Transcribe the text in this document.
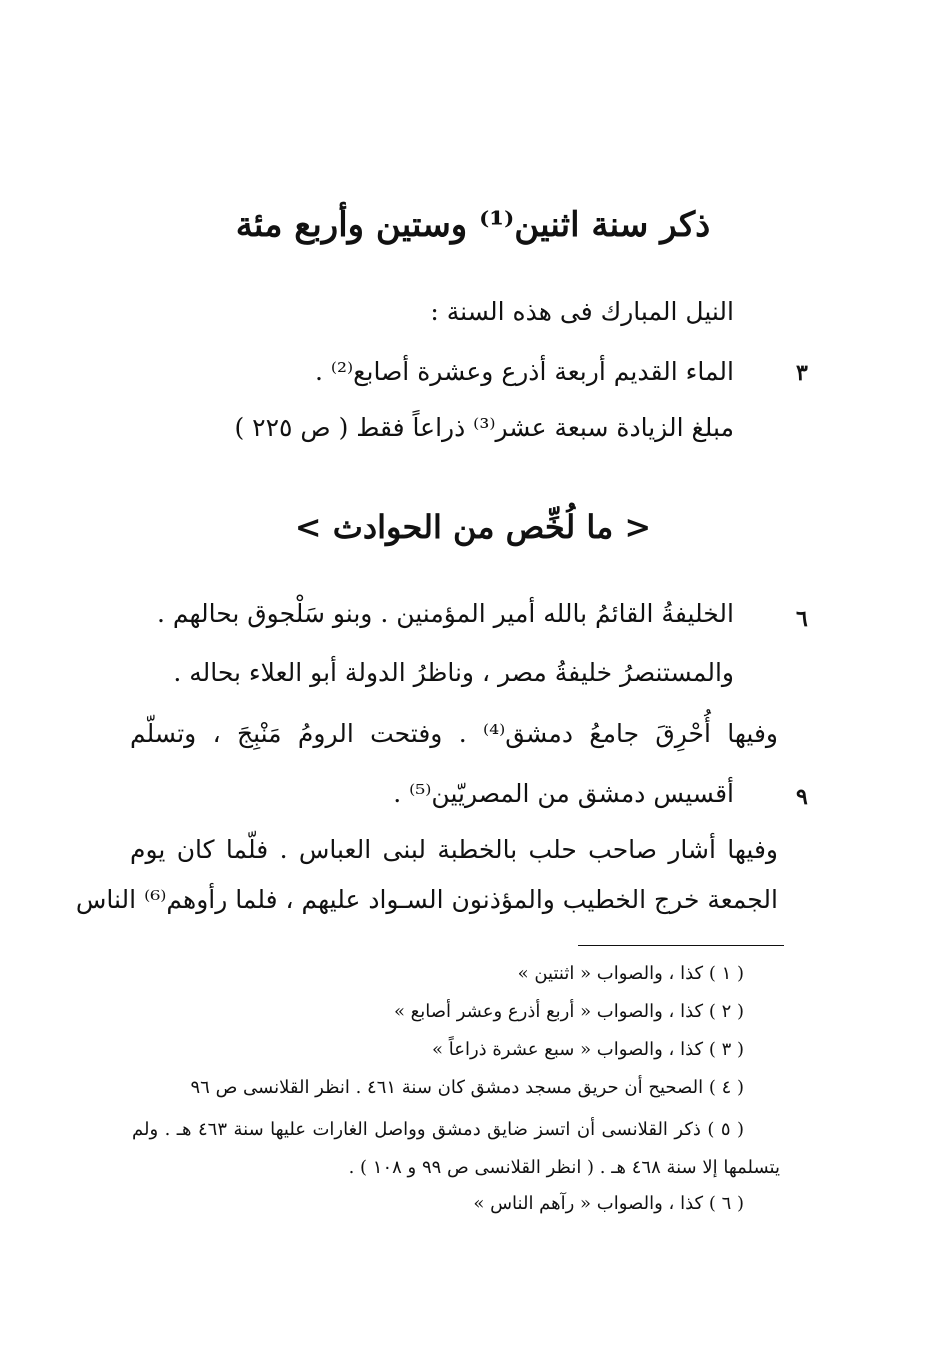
ذكر سنة اثنين⁽¹⁾ وستين وأربع مئة
النيل المبارك فى هذه السنة :
الماء القديم أربعة أذرع وعشرة أصابع⁽²⁾ .	٣
مبلغ الزيادة سبعة عشر⁽³⁾ ذراعاً فقط ( ص ٢٢٥ )
< ما لُخِّص من الحوادث >
الخليفةُ القائمُ بالله أمير المؤمنين . وبنو سَلْجوق بحالهم .	٦
والمستنصرُ خليفةُ مصر ، وناظرُ الدولة أبو العلاء بحاله .
وفيها أُحْرِقَ جامعُ دمشق⁽⁴⁾ . وفتحت الرومُ مَنْبِجَ ، وتسلّم
أقسيس دمشق من المصريّين⁽⁵⁾ .	٩
وفيها أشار صاحب حلب بالخطبة لبنى العباس . فلّما كان يوم
الجمعة خرج الخطيب والمؤذنون السـواد عليهم ، فلما رأوهم⁽⁶⁾ الناس
( ١ ) كذا ، والصواب « اثنتين »
( ٢ ) كذا ، والصواب « أربع أذرع وعشر أصابع »
( ٣ ) كذا ، والصواب « سبع عشرة ذراعاً »
( ٤ ) الصحيح أن حريق مسجد دمشق كان سنة ٤٦١ . انظر القلانسى ص ٩٦
( ٥ ) ذكر القلانسى أن اتسز ضايق دمشق وواصل الغارات عليها سنة ٤٦٣ هـ . ولم
يتسلمها إلا سنة ٤٦٨ هـ . ( انظر القلانسى ص ٩٩ و ١٠٨ ) .
( ٦ ) كذا ، والصواب « رآهم الناس »
